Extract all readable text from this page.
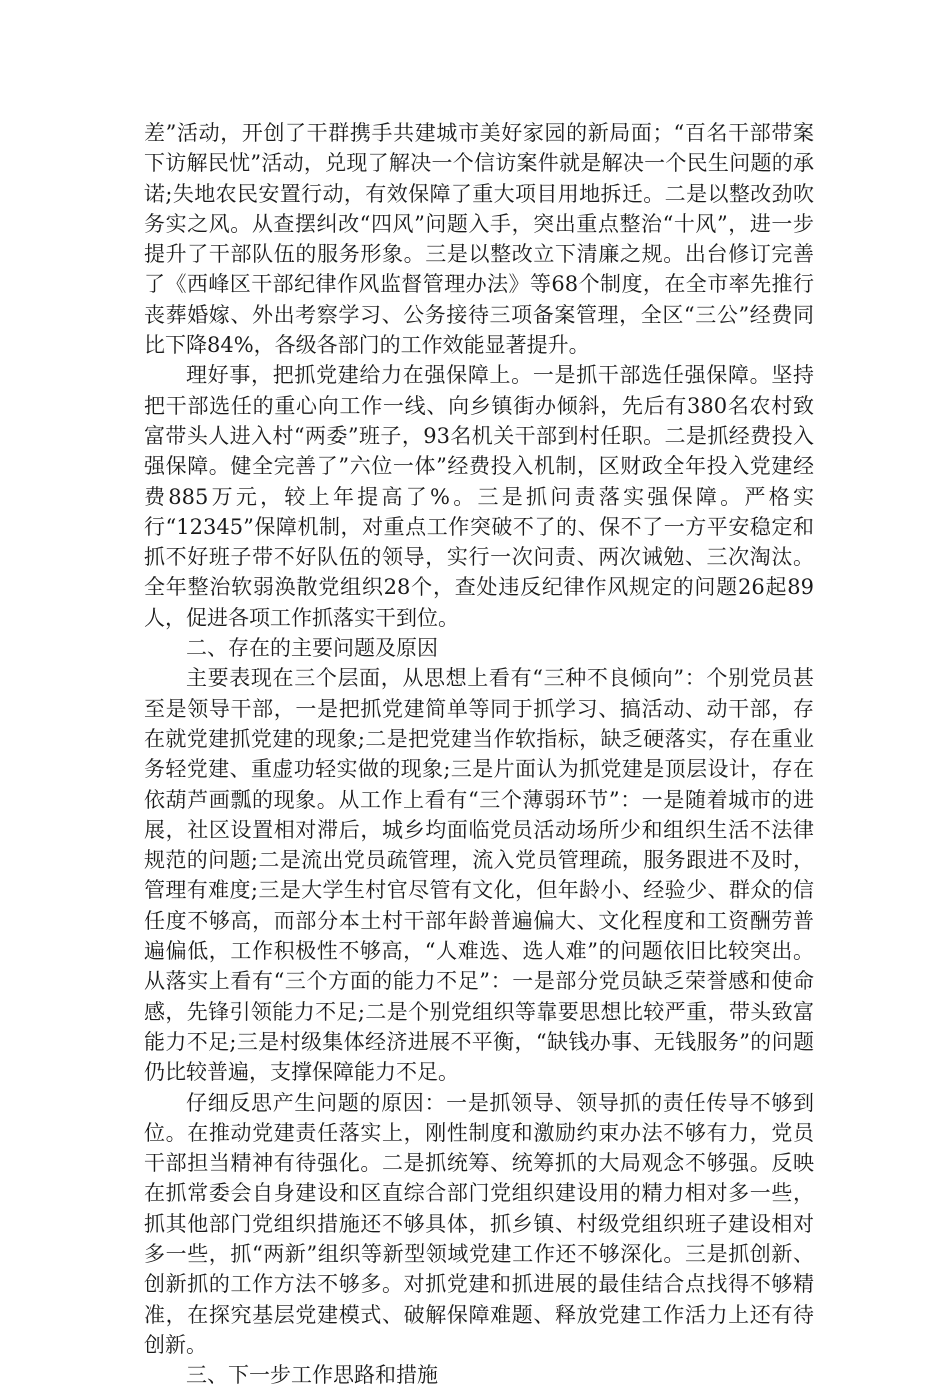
差”活动，开创了干群携手共建城市美好家园的新局面；“百名干部带案下访解民忧”活动，兑现了解决一个信访案件就是解决一个民生问题的承诺;失地农民安置行动，有效保障了重大项目用地拆迁。二是以整改劲吹务实之风。从查摆纠改“四风”问题入手，突出重点整治“十风”，进一步提升了干部队伍的服务形象。三是以整改立下清廉之规。出台修订完善了《西峰区干部纪律作风监督管理办法》等68个制度，在全市率先推行丧葬婚嫁、外出考察学习、公务接待三项备案管理，全区“三公”经费同比下降84%，各级各部门的工作效能显著提升。

理好事，把抓党建给力在强保障上。一是抓干部选任强保障。坚持把干部选任的重心向工作一线、向乡镇街办倾斜，先后有380名农村致富带头人进入村“两委”班子，93名机关干部到村任职。二是抓经费投入强保障。健全完善了”六位一体”经费投入机制，区财政全年投入党建经费885万元，较上年提高了%。三是抓问责落实强保障。严格实行“12345”保障机制，对重点工作突破不了的、保不了一方平安稳定和抓不好班子带不好队伍的领导，实行一次问责、两次诫勉、三次淘汰。全年整治软弱涣散党组织28个，查处违反纪律作风规定的问题26起89人，促进各项工作抓落实干到位。

二、存在的主要问题及原因

主要表现在三个层面，从思想上看有“三种不良倾向”：个别党员甚至是领导干部，一是把抓党建简单等同于抓学习、搞活动、动干部，存在就党建抓党建的现象;二是把党建当作软指标，缺乏硬落实，存在重业务轻党建、重虚功轻实做的现象;三是片面认为抓党建是顶层设计，存在依葫芦画瓢的现象。从工作上看有“三个薄弱环节”：一是随着城市的进展，社区设置相对滞后，城乡均面临党员活动场所少和组织生活不法律规范的问题;二是流出党员疏管理，流入党员管理疏，服务跟进不及时，管理有难度;三是大学生村官尽管有文化，但年龄小、经验少、群众的信任度不够高，而部分本土村干部年龄普遍偏大、文化程度和工资酬劳普遍偏低，工作积极性不够高，“人难选、选人难”的问题依旧比较突出。从落实上看有“三个方面的能力不足”：一是部分党员缺乏荣誉感和使命感，先锋引领能力不足;二是个别党组织等靠要思想比较严重，带头致富能力不足;三是村级集体经济进展不平衡，“缺钱办事、无钱服务”的问题仍比较普遍，支撑保障能力不足。

仔细反思产生问题的原因：一是抓领导、领导抓的责任传导不够到位。在推动党建责任落实上，刚性制度和激励约束办法不够有力，党员干部担当精神有待强化。二是抓统筹、统筹抓的大局观念不够强。反映在抓常委会自身建设和区直综合部门党组织建设用的精力相对多一些，抓其他部门党组织措施还不够具体，抓乡镇、村级党组织班子建设相对多一些，抓“两新”组织等新型领域党建工作还不够深化。三是抓创新、创新抓的工作方法不够多。对抓党建和抓进展的最佳结合点找得不够精准，在探究基层党建模式、破解保障难题、释放党建工作活力上还有待创新。

三、下一步工作思路和措施
